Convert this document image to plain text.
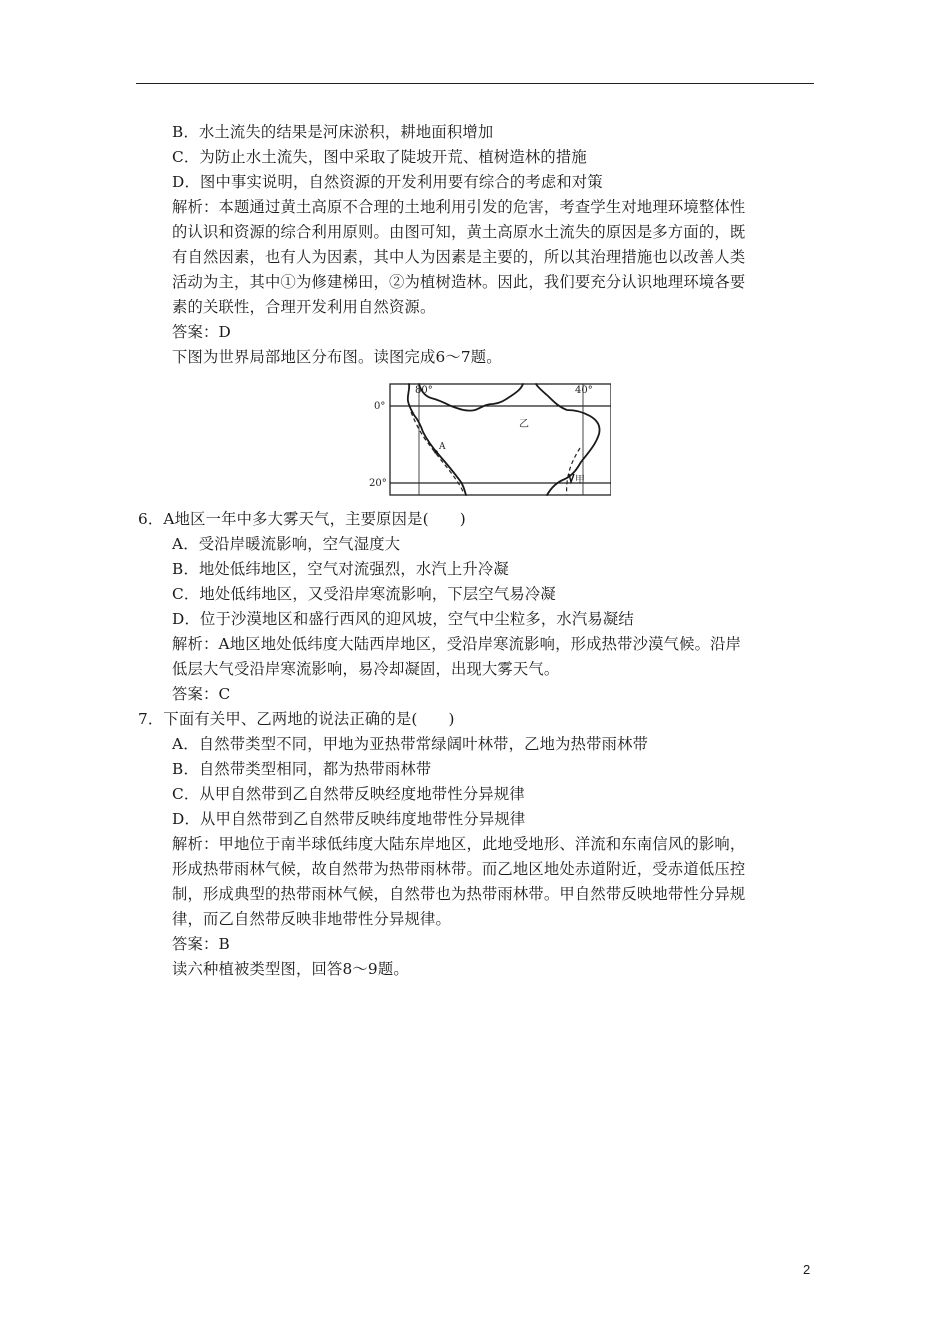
B．水土流失的结果是河床淤积，耕地面积增加
C．为防止水土流失，图中采取了陡坡开荒、植树造林的措施
D．图中事实说明，自然资源的开发利用要有综合的考虑和对策
解析：本题通过黄土高原不合理的土地利用引发的危害，考查学生对地理环境整体性
的认识和资源的综合利用原则。由图可知，黄土高原水土流失的原因是多方面的，既
有自然因素，也有人为因素，其中人为因素是主要的，所以其治理措施也以改善人类
活动为主，其中①为修建梯田，②为植树造林。因此，我们要充分认识地理环境各要
素的关联性，合理开发利用自然资源。
答案：D
下图为世界局部地区分布图。读图完成6～7题。
80°	40°
0°
20°
A
乙
甲
6．A地区一年中多大雾天气，主要原因是(　　)
A．受沿岸暖流影响，空气湿度大
B．地处低纬地区，空气对流强烈，水汽上升冷凝
C．地处低纬地区，又受沿岸寒流影响，下层空气易冷凝
D．位于沙漠地区和盛行西风的迎风坡，空气中尘粒多，水汽易凝结
解析：A地区地处低纬度大陆西岸地区，受沿岸寒流影响，形成热带沙漠气候。沿岸
低层大气受沿岸寒流影响，易冷却凝固，出现大雾天气。
答案：C
7．下面有关甲、乙两地的说法正确的是(　　)
A．自然带类型不同，甲地为亚热带常绿阔叶林带，乙地为热带雨林带
B．自然带类型相同，都为热带雨林带
C．从甲自然带到乙自然带反映经度地带性分异规律
D．从甲自然带到乙自然带反映纬度地带性分异规律
解析：甲地位于南半球低纬度大陆东岸地区，此地受地形、洋流和东南信风的影响，
形成热带雨林气候，故自然带为热带雨林带。而乙地区地处赤道附近，受赤道低压控
制，形成典型的热带雨林气候，自然带也为热带雨林带。甲自然带反映地带性分异规
律，而乙自然带反映非地带性分异规律。
答案：B
读六种植被类型图，回答8～9题。
2
